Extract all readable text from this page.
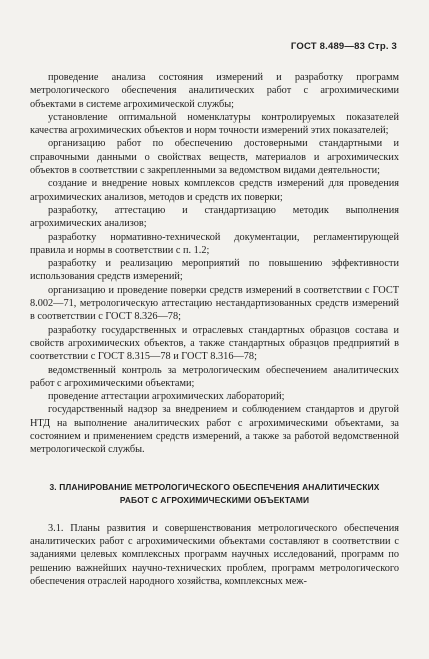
ГОСТ 8.489—83 Стр. 3

проведение анализа состояния измерений и разработку программ метрологического обеспечения аналитических работ с агрохимическими объектами в системе агрохимической службы;

установление оптимальной номенклатуры контролируемых показателей качества агрохимических объектов и норм точности измерений этих показателей;

организацию работ по обеспечению достоверными стандартными и справочными данными о свойствах веществ, материалов и агрохимических объектов в соответствии с закрепленными за ведомством видами деятельности;

создание и внедрение новых комплексов средств измерений для проведения агрохимических анализов, методов и средств их поверки;

разработку, аттестацию и стандартизацию методик выполнения агрохимических анализов;

разработку нормативно-технической документации, регламентирующей правила и нормы в соответствии с п. 1.2;

разработку и реализацию мероприятий по повышению эффективности использования средств измерений;

организацию и проведение поверки средств измерений в соответствии с ГОСТ 8.002—71, метрологическую аттестацию нестандартизованных средств измерений в соответствии с ГОСТ 8.326—78;

разработку государственных и отраслевых стандартных образцов состава и свойств агрохимических объектов, а также стандартных образцов предприятий в соответствии с ГОСТ 8.315—78 и ГОСТ 8.316—78;

ведомственный контроль за метрологическим обеспечением аналитических работ с агрохимическими объектами;

проведение аттестации агрохимических лабораторий;

государственный надзор за внедрением и соблюдением стандартов и другой НТД на выполнение аналитических работ с агрохимическими объектами, за состоянием и применением средств измерений, а также за работой ведомственной метрологической службы.

3. ПЛАНИРОВАНИЕ МЕТРОЛОГИЧЕСКОГО ОБЕСПЕЧЕНИЯ АНАЛИТИЧЕСКИХ РАБОТ С АГРОХИМИЧЕСКИМИ ОБЪЕКТАМИ

3.1. Планы развития и совершенствования метрологического обеспечения аналитических работ с агрохимическими объектами составляют в соответствии с заданиями целевых комплексных программ научных исследований, программ по решению важнейших научно-технических проблем, программ метрологического обеспечения отраслей народного хозяйства, комплексных меж-
